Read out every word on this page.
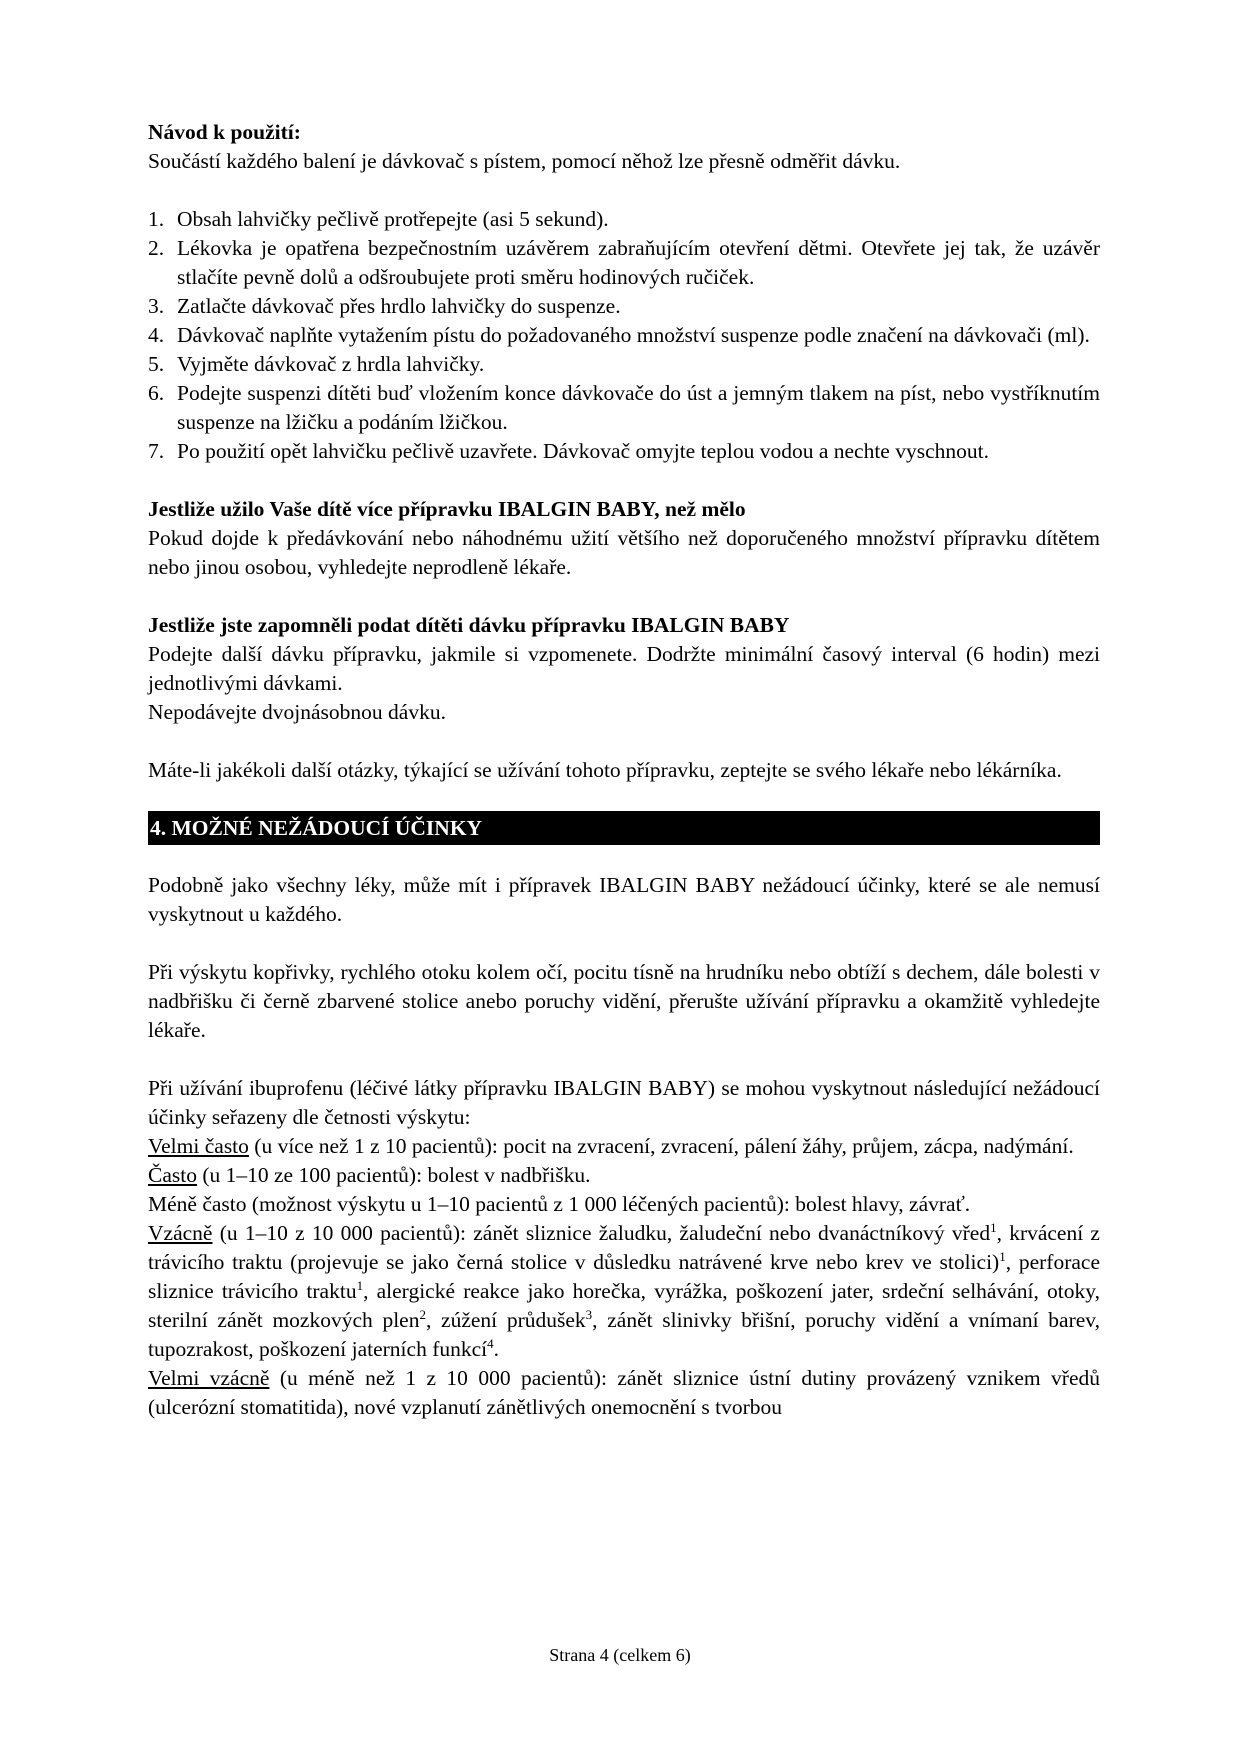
Návod k použití:

Součástí každého balení je dávkovač s pístem, pomocí něhož lze přesně odměřit dávku.

1. Obsah lahvičky pečlivě protřepejte (asi 5 sekund).
2. Lékovka je opatřena bezpečnostním uzávěrem zabraňujícím otevření dětmi. Otevřete jej tak, že uzávěr stlačíte pevně dolů a odšroubujete proti směru hodinových ručiček.
3. Zatlačte dávkovač přes hrdlo lahvičky do suspenze.
4. Dávkovač naplňte vytažením pístu do požadovaného množství suspenze podle značení na dávkovači (ml).
5. Vyjměte dávkovač z hrdla lahvičky.
6. Podejte suspenzi dítěti buď vložením konce dávkovače do úst a jemným tlakem na píst, nebo vystříknutím suspenze na lžičku a podáním lžičkou.
7. Po použití opět lahvičku pečlivě uzavřete. Dávkovač omyjte teplou vodou a nechte vyschnout.

Jestliže užilo Vaše dítě více přípravku IBALGIN BABY, než mělo

Pokud dojde k předávkování nebo náhodnému užití většího než doporučeného množství přípravku dítětem nebo jinou osobou, vyhledejte neprodleně lékaře.

Jestliže jste zapomněli podat dítěti dávku přípravku IBALGIN BABY

Podejte další dávku přípravku, jakmile si vzpomenete. Dodržte minimální časový interval (6 hodin) mezi jednotlivými dávkami.

Nepodávejte dvojnásobnou dávku.

Máte-li jakékoli další otázky, týkající se užívání tohoto přípravku, zeptejte se svého lékaře nebo lékárníka.

4. MOŽNÉ NEŽÁDOUCÍ ÚČINKY

Podobně jako všechny léky, může mít i přípravek IBALGIN BABY nežádoucí účinky, které se ale nemusí vyskytnout u každého.

Při výskytu kopřivky, rychlého otoku kolem očí, pocitu tísně na hrudníku nebo obtíží s dechem, dále bolesti v nadbřišku či černě zbarvené stolice anebo poruchy vidění, přerušte užívání přípravku a okamžitě vyhledejte lékaře.

Při užívání ibuprofenu (léčivé látky přípravku IBALGIN BABY) se mohou vyskytnout následující nežádoucí účinky seřazeny dle četnosti výskytu:

Velmi často (u více než 1 z 10 pacientů): pocit na zvracení, zvracení, pálení žáhy, průjem, zácpa, nadýmání.

Často (u 1–10 ze 100 pacientů): bolest v nadbřišku.

Méně často (možnost výskytu u 1–10 pacientů z 1 000 léčených pacientů): bolest hlavy, závrať.

Vzácně (u 1–10 z 10 000 pacientů): zánět sliznice žaludku, žaludeční nebo dvanáctníkový vřed$^1$, krvácení z trávicího traktu (projevuje se jako černá stolice v důsledku natrávené krve nebo krev ve stolici)$^1$, perforace sliznice trávicího traktu$^1$, alergické reakce jako horečka, vyrážka, poškození jater, srdeční selhávání, otoky, sterilní zánět mozkových plen$^2$, zúžení průdušek$^3$, zánět slinivky břišní, poruchy vidění a vnímaní barev, tupozrakost, poškození jaterních funkcí$^4$.

Velmi vzácně (u méně než 1 z 10 000 pacientů): zánět sliznice ústní dutiny provázený vznikem vředů (ulcerózní stomatitida), nové vzplanutí zánětlivých onemocnění s tvorbou

Strana 4 (celkem 6)
